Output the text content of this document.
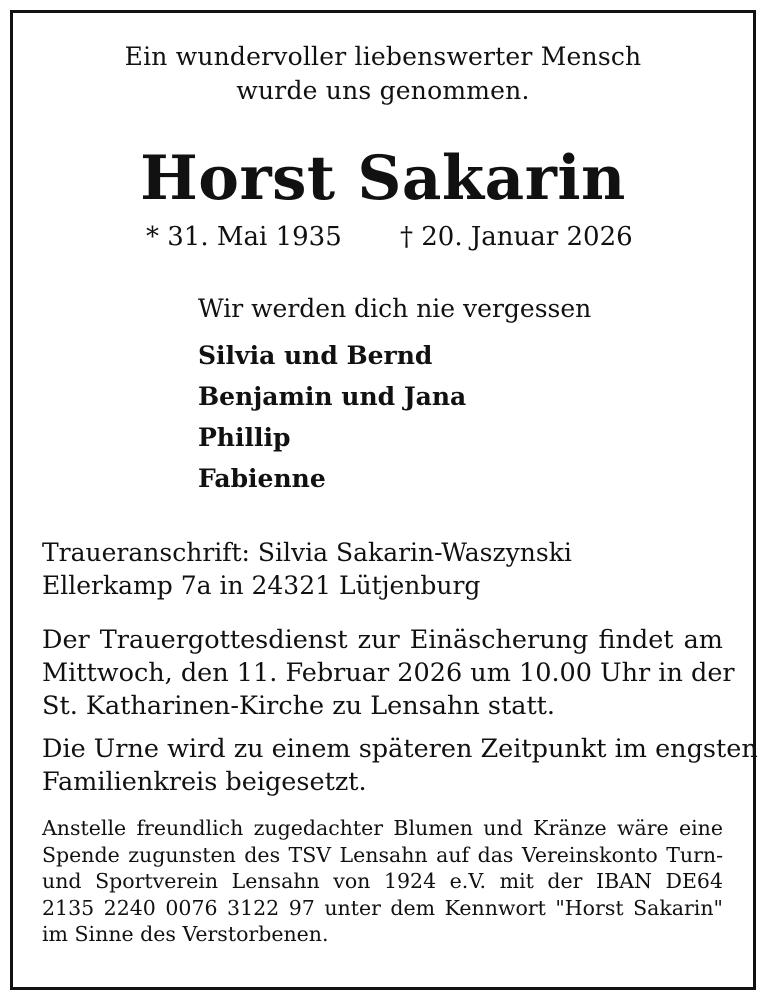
Ein wundervoller liebenswerter Mensch
wurde uns genommen.
Horst Sakarin
* 31. Mai 1935 † 20. Januar 2026
Wir werden dich nie vergessen
Silvia und Bernd
Benjamin und Jana
Phillip
Fabienne
Traueranschrift: Silvia Sakarin-Waszynski
Ellerkamp 7a in 24321 Lütjenburg
Der Trauergottesdienst zur Einäscherung findet am
Mittwoch, den 11. Februar 2026 um 10.00 Uhr in der
St. Katharinen-Kirche zu Lensahn statt.
Die Urne wird zu einem späteren Zeitpunkt im engsten
Familienkreis beigesetzt.
Anstelle freundlich zugedachter Blumen und Kränze wäre eine
Spende zugunsten des TSV Lensahn auf das Vereinskonto Turn-
und Sportverein Lensahn von 1924 e.V. mit der IBAN DE64
2135 2240 0076 3122 97 unter dem Kennwort "Horst Sakarin"
im Sinne des Verstorbenen.
